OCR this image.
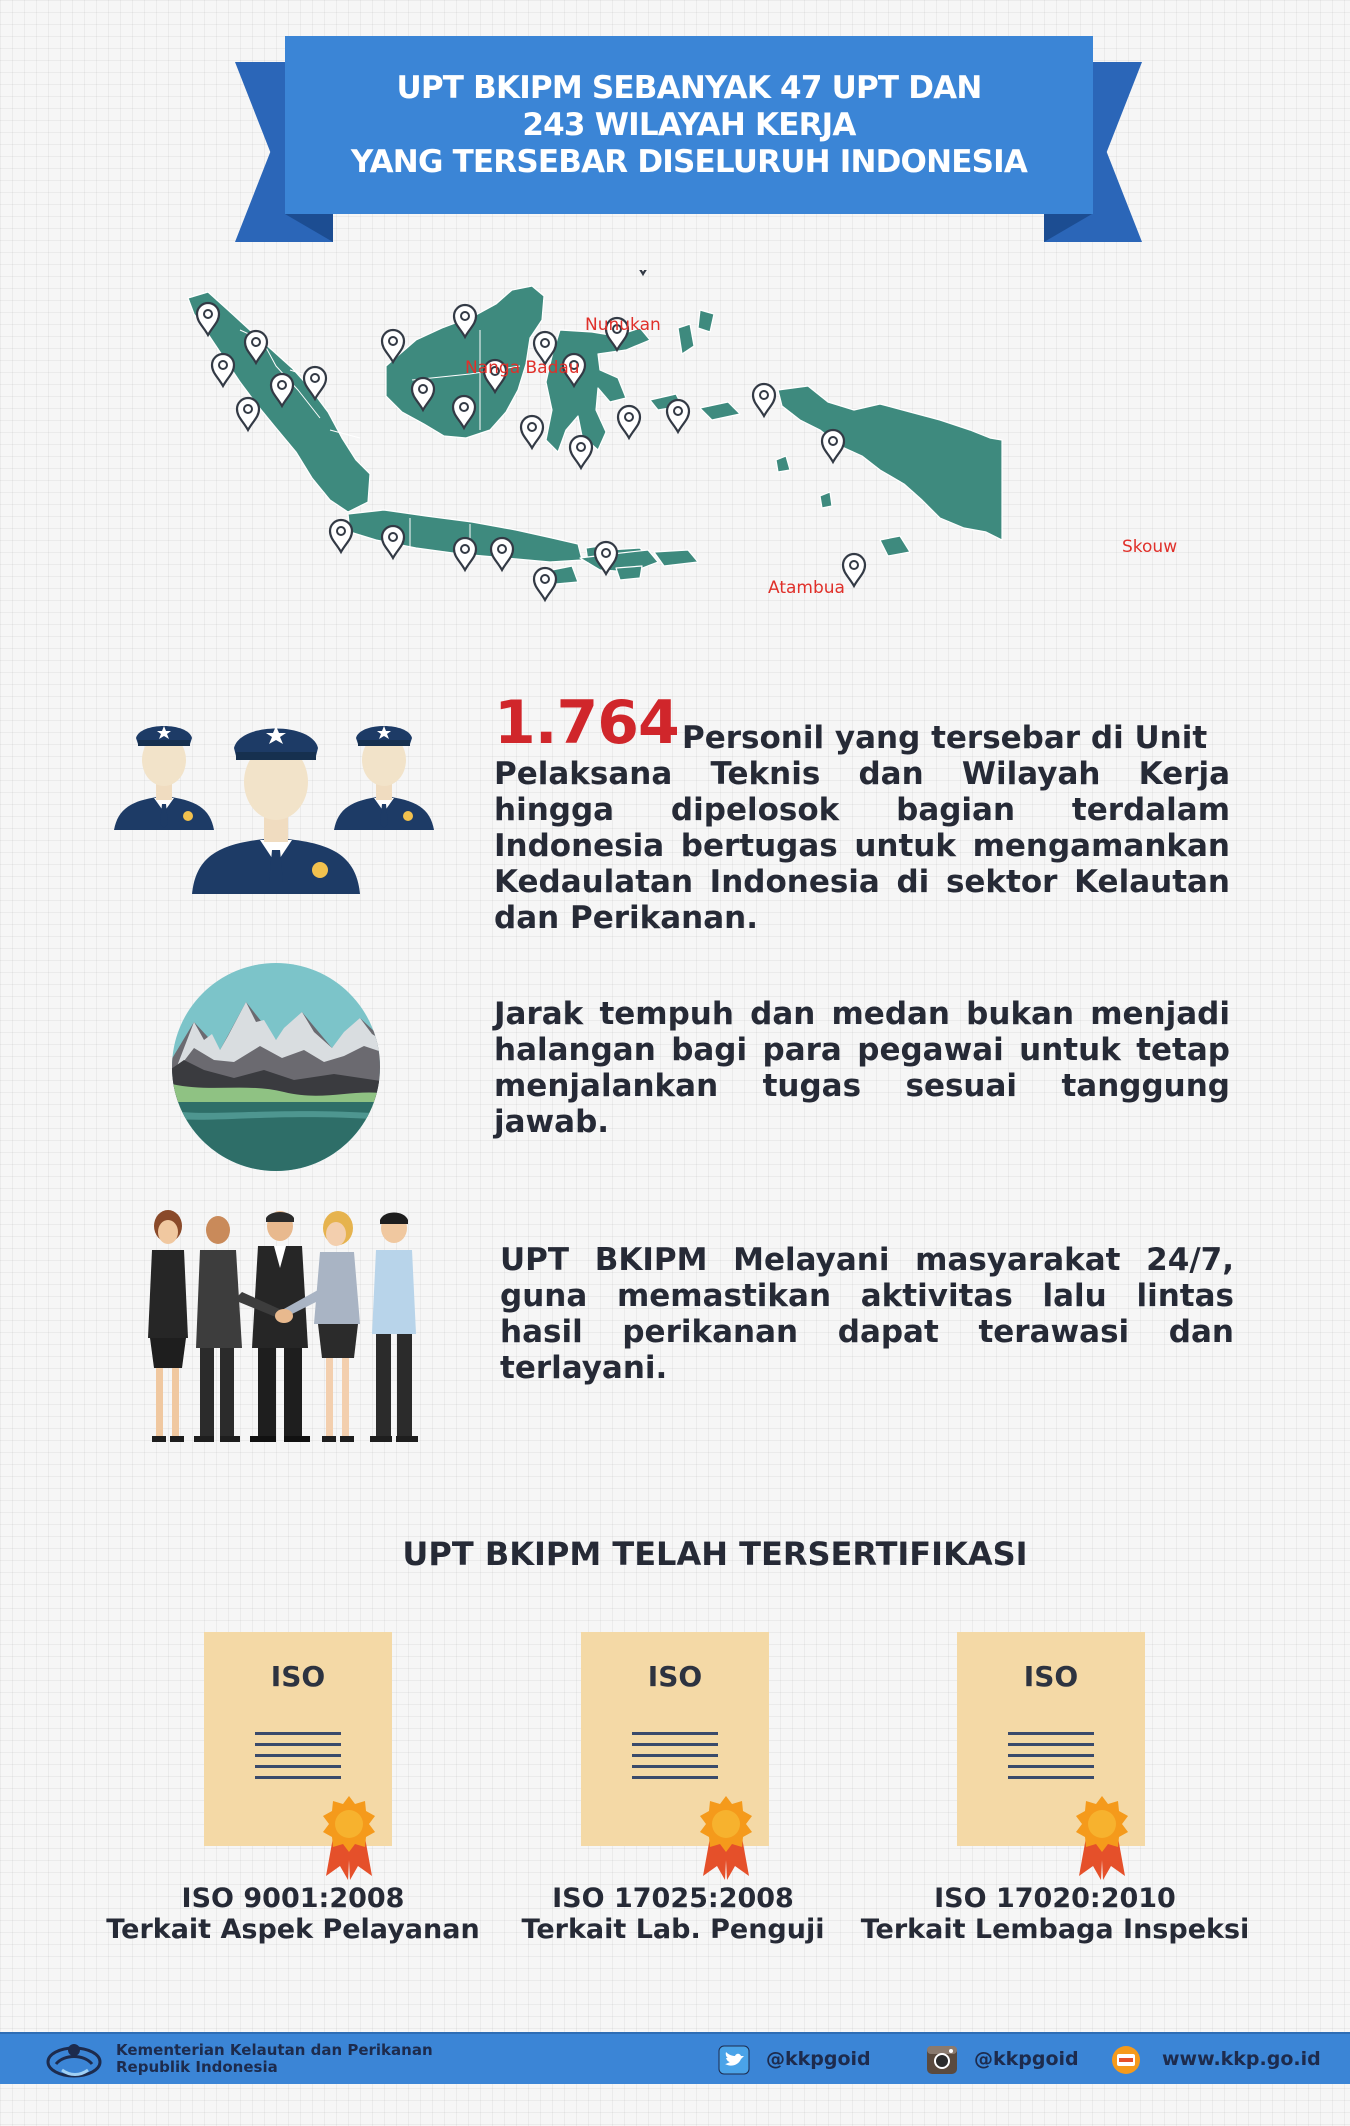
UPT BKIPM SEBANYAK 47 UPT DAN
243 WILAYAH KERJA
YANG TERSEBAR DISELURUH INDONESIA
Nunukan
Nanga Badau
Atambua
Skouw
1.764 Personil yang tersebar di Unit
Pelaksana Teknis dan Wilayah Kerja hingga dipelosok bagian terdalam Indonesia bertugas untuk mengamankan Kedaulatan Indonesia di sektor Kelautan dan Perikanan.
Jarak tempuh dan medan bukan menjadi halangan bagi para pegawai untuk tetap menjalankan tugas sesuai tanggung jawab.
UPT BKIPM Melayani masyarakat 24/7, guna memastikan aktivitas lalu lintas hasil perikanan dapat terawasi dan terlayani.
UPT BKIPM TELAH TERSERTIFIKASI
ISO	ISO	ISO
ISO 9001:2008
Terkait Aspek Pelayanan
ISO 17025:2008
Terkait Lab. Penguji
ISO 17020:2010
Terkait Lembaga Inspeksi
Kementerian Kelautan dan Perikanan
Republik Indonesia	@kkpgoid	@kkpgoid	www.kkp.go.id
